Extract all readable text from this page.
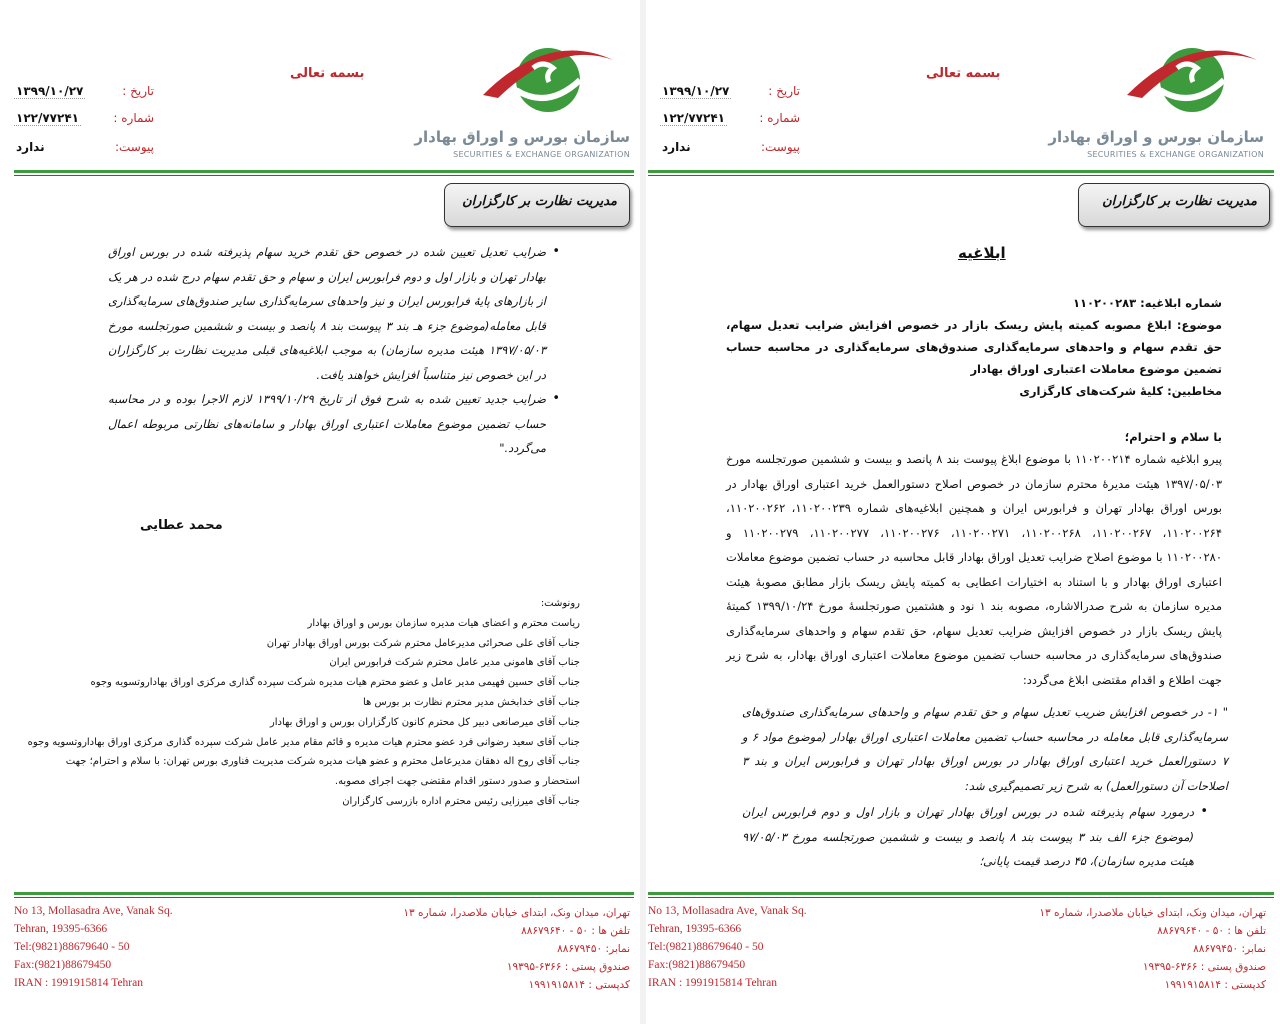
بسمه تعالی
سازمان بورس و اوراق بهادار
SECURITIES & EXCHANGE ORGANIZATION
تاریخ :
۱۳۹۹/۱۰/۲۷
شماره :
۱۲۲/۷۷۲۴۱
پیوست:
ندارد
مدیریت نظارت بر کارگزاران
• ضرایب تعدیل تعیین شده در خصوص حق تقدم خرید سهام پذیرفته شده در بورس اوراق بهادار تهران و بازار اول و دوم فرابورس ایران و سهام و حق تقدم سهام درج شده در هر یک از بازارهای پایهٔ فرابورس ایران و نیز واحدهای سرمایه‌گذاری سایر صندوق‌های سرمایه‌گذاری قابل معامله(موضوع جزء هـ بند ۳ پیوست بند ۸ پانصد و بیست و ششمین صورتجلسه مورخ ۱۳۹۷/۰۵/۰۳ هیئت مدیره سازمان) به موجب ابلاغیه‌های قبلی مدیریت نظارت بر کارگزاران در این خصوص نیز متناسباً افزایش خواهند یافت.
• ضرایب جدید تعیین شده به شرح فوق از تاریخ ۱۳۹۹/۱۰/۲۹ لازم الاجرا بوده و در محاسبه حساب تضمین موضوع معاملات اعتباری اوراق بهادار و سامانه‌های نظارتی مربوطه اعمال می‌گردد."
محمد عطایی
رونوشت:
ریاست محترم و اعضای هیات مدیره سازمان بورس و اوراق بهادار
جناب آقای علی صحرائی مدیرعامل محترم شرکت بورس اوراق بهادار تهران
جناب آقای هامونی مدیر عامل محترم شرکت فرابورس ایران
جناب آقای حسین فهیمی مدیر عامل و عضو محترم هیات مدیره شرکت سپرده گذاری مرکزی اوراق بهاداروتسویه وجوه
جناب آقای خدابخش مدیر محترم نظارت بر بورس ها
جناب آقای میرصانعی دبیر کل محترم کانون کارگزاران بورس و اوراق بهادار
جناب آقای سعید رضوانی فرد عضو محترم هیات مدیره و قائم مقام مدیر عامل شرکت سپرده گذاری مرکزی اوراق بهاداروتسویه وجوه
جناب آقای روح اله دهقان مدیرعامل محترم و عضو هیات مدیره شرکت مدیریت فناوری بورس تهران: با سلام و احترام؛ جهت
استحضار و صدور دستور اقدام مقتضی جهت اجرای مصوبه.
جناب آقای میرزایی رئیس محترم اداره بازرسی کارگزاران
No 13, Mollasadra Ave, Vanak Sq.
Tehran, 19395-6366
Tel:(9821)88679640 - 50
Fax:(9821)88679450
IRAN : 1991915814 Tehran
تهران، میدان ونک، ابتدای خیابان ملاصدرا، شماره ۱۳
تلفن ها : ۵۰ - ۸۸۶۷۹۶۴۰
نمابر: ۸۸۶۷۹۴۵۰
صندوق پستی : ۶۳۶۶-۱۹۳۹۵
کدپستی : ۱۹۹۱۹۱۵۸۱۴
بسمه تعالی
سازمان بورس و اوراق بهادار
SECURITIES & EXCHANGE ORGANIZATION
تاریخ :
۱۳۹۹/۱۰/۲۷
شماره :
۱۲۲/۷۷۲۴۱
پیوست:
ندارد
مدیریت نظارت بر کارگزاران
ابلاغیه
شماره ابلاغیه: ۱۱۰۲۰۰۲۸۳
موضوع: ابلاغ مصوبه کمیته پایش ریسک بازار در خصوص افزایش ضرایب تعدیل سهام، حق تقدم سهام و واحدهای سرمایه‌گذاری صندوق‌های سرمایه‌گذاری در محاسبه حساب تضمین موضوع معاملات اعتباری اوراق بهادار
مخاطبین: کلیهٔ شرکت‌های کارگزاری
با سلام و احترام؛
پیرو ابلاغیه شماره ۱۱۰۲۰۰۲۱۴ با موضوع ابلاغ پیوست بند ۸ پانصد و بیست و ششمین صورتجلسه مورخ ۱۳۹۷/۰۵/۰۳ هیئت مدیرهٔ محترم سازمان در خصوص اصلاح دستورالعمل خرید اعتباری اوراق بهادار در بورس اوراق بهادار تهران و فرابورس ایران و همچنین ابلاغیه‌های شماره ۱۱۰۲۰۰۲۳۹، ۱۱۰۲۰۰۲۶۲، ۱۱۰۲۰۰۲۶۴، ۱۱۰۲۰۰۲۶۷، ۱۱۰۲۰۰۲۶۸، ۱۱۰۲۰۰۲۷۱، ۱۱۰۲۰۰۲۷۶، ۱۱۰۲۰۰۲۷۷، ۱۱۰۲۰۰۲۷۹ و ۱۱۰۲۰۰۲۸۰ با موضوع اصلاح ضرایب تعدیل اوراق بهادار قابل محاسبه در حساب تضمین موضوع معاملات اعتباری اوراق بهادار و با استناد به اختیارات اعطایی به کمیته پایش ریسک بازار مطابق مصوبهٔ هیئت مدیره سازمان به شرح صدرالاشاره، مصوبه بند ۱ نود و هشتمین صورتجلسهٔ مورخ ۱۳۹۹/۱۰/۲۴ کمیتهٔ پایش ریسک بازار در خصوص افزایش ضرایب تعدیل سهام، حق تقدم سهام و واحدهای سرمایه‌گذاری صندوق‌های سرمایه‌گذاری در محاسبه حساب تضمین موضوع معاملات اعتباری اوراق بهادار، به شرح زیر جهت اطلاع و اقدام مقتضی ابلاغ می‌گردد:
" ۱- در خصوص افزایش ضریب تعدیل سهام و حق تقدم سهام و واحدهای سرمایه‌گذاری صندوق‌های سرمایه‌گذاری قابل معامله در محاسبه حساب تضمین معاملات اعتباری اوراق بهادار (موضوع مواد ۶ و ۷ دستورالعمل خرید اعتباری اوراق بهادار در بورس اوراق بهادار تهران و فرابورس ایران و بند ۳ اصلاحات آن دستورالعمل) به شرح زیر تصمیم‌گیری شد:
• درمورد سهام پذیرفته شده در بورس اوراق بهادار تهران و بازار اول و دوم فرابورس ایران (موضوع جزء الف بند ۳ پیوست بند ۸ پانصد و بیست و ششمین صورتجلسه مورخ ۹۷/۰۵/۰۳ هیئت مدیره سازمان)، ۴۵ درصد قیمت پایانی؛
No 13, Mollasadra Ave, Vanak Sq.
Tehran, 19395-6366
Tel:(9821)88679640 - 50
Fax:(9821)88679450
IRAN : 1991915814 Tehran
تهران، میدان ونک، ابتدای خیابان ملاصدرا، شماره ۱۳
تلفن ها : ۵۰ - ۸۸۶۷۹۶۴۰
نمابر: ۸۸۶۷۹۴۵۰
صندوق پستی : ۶۳۶۶-۱۹۳۹۵
کدپستی : ۱۹۹۱۹۱۵۸۱۴
